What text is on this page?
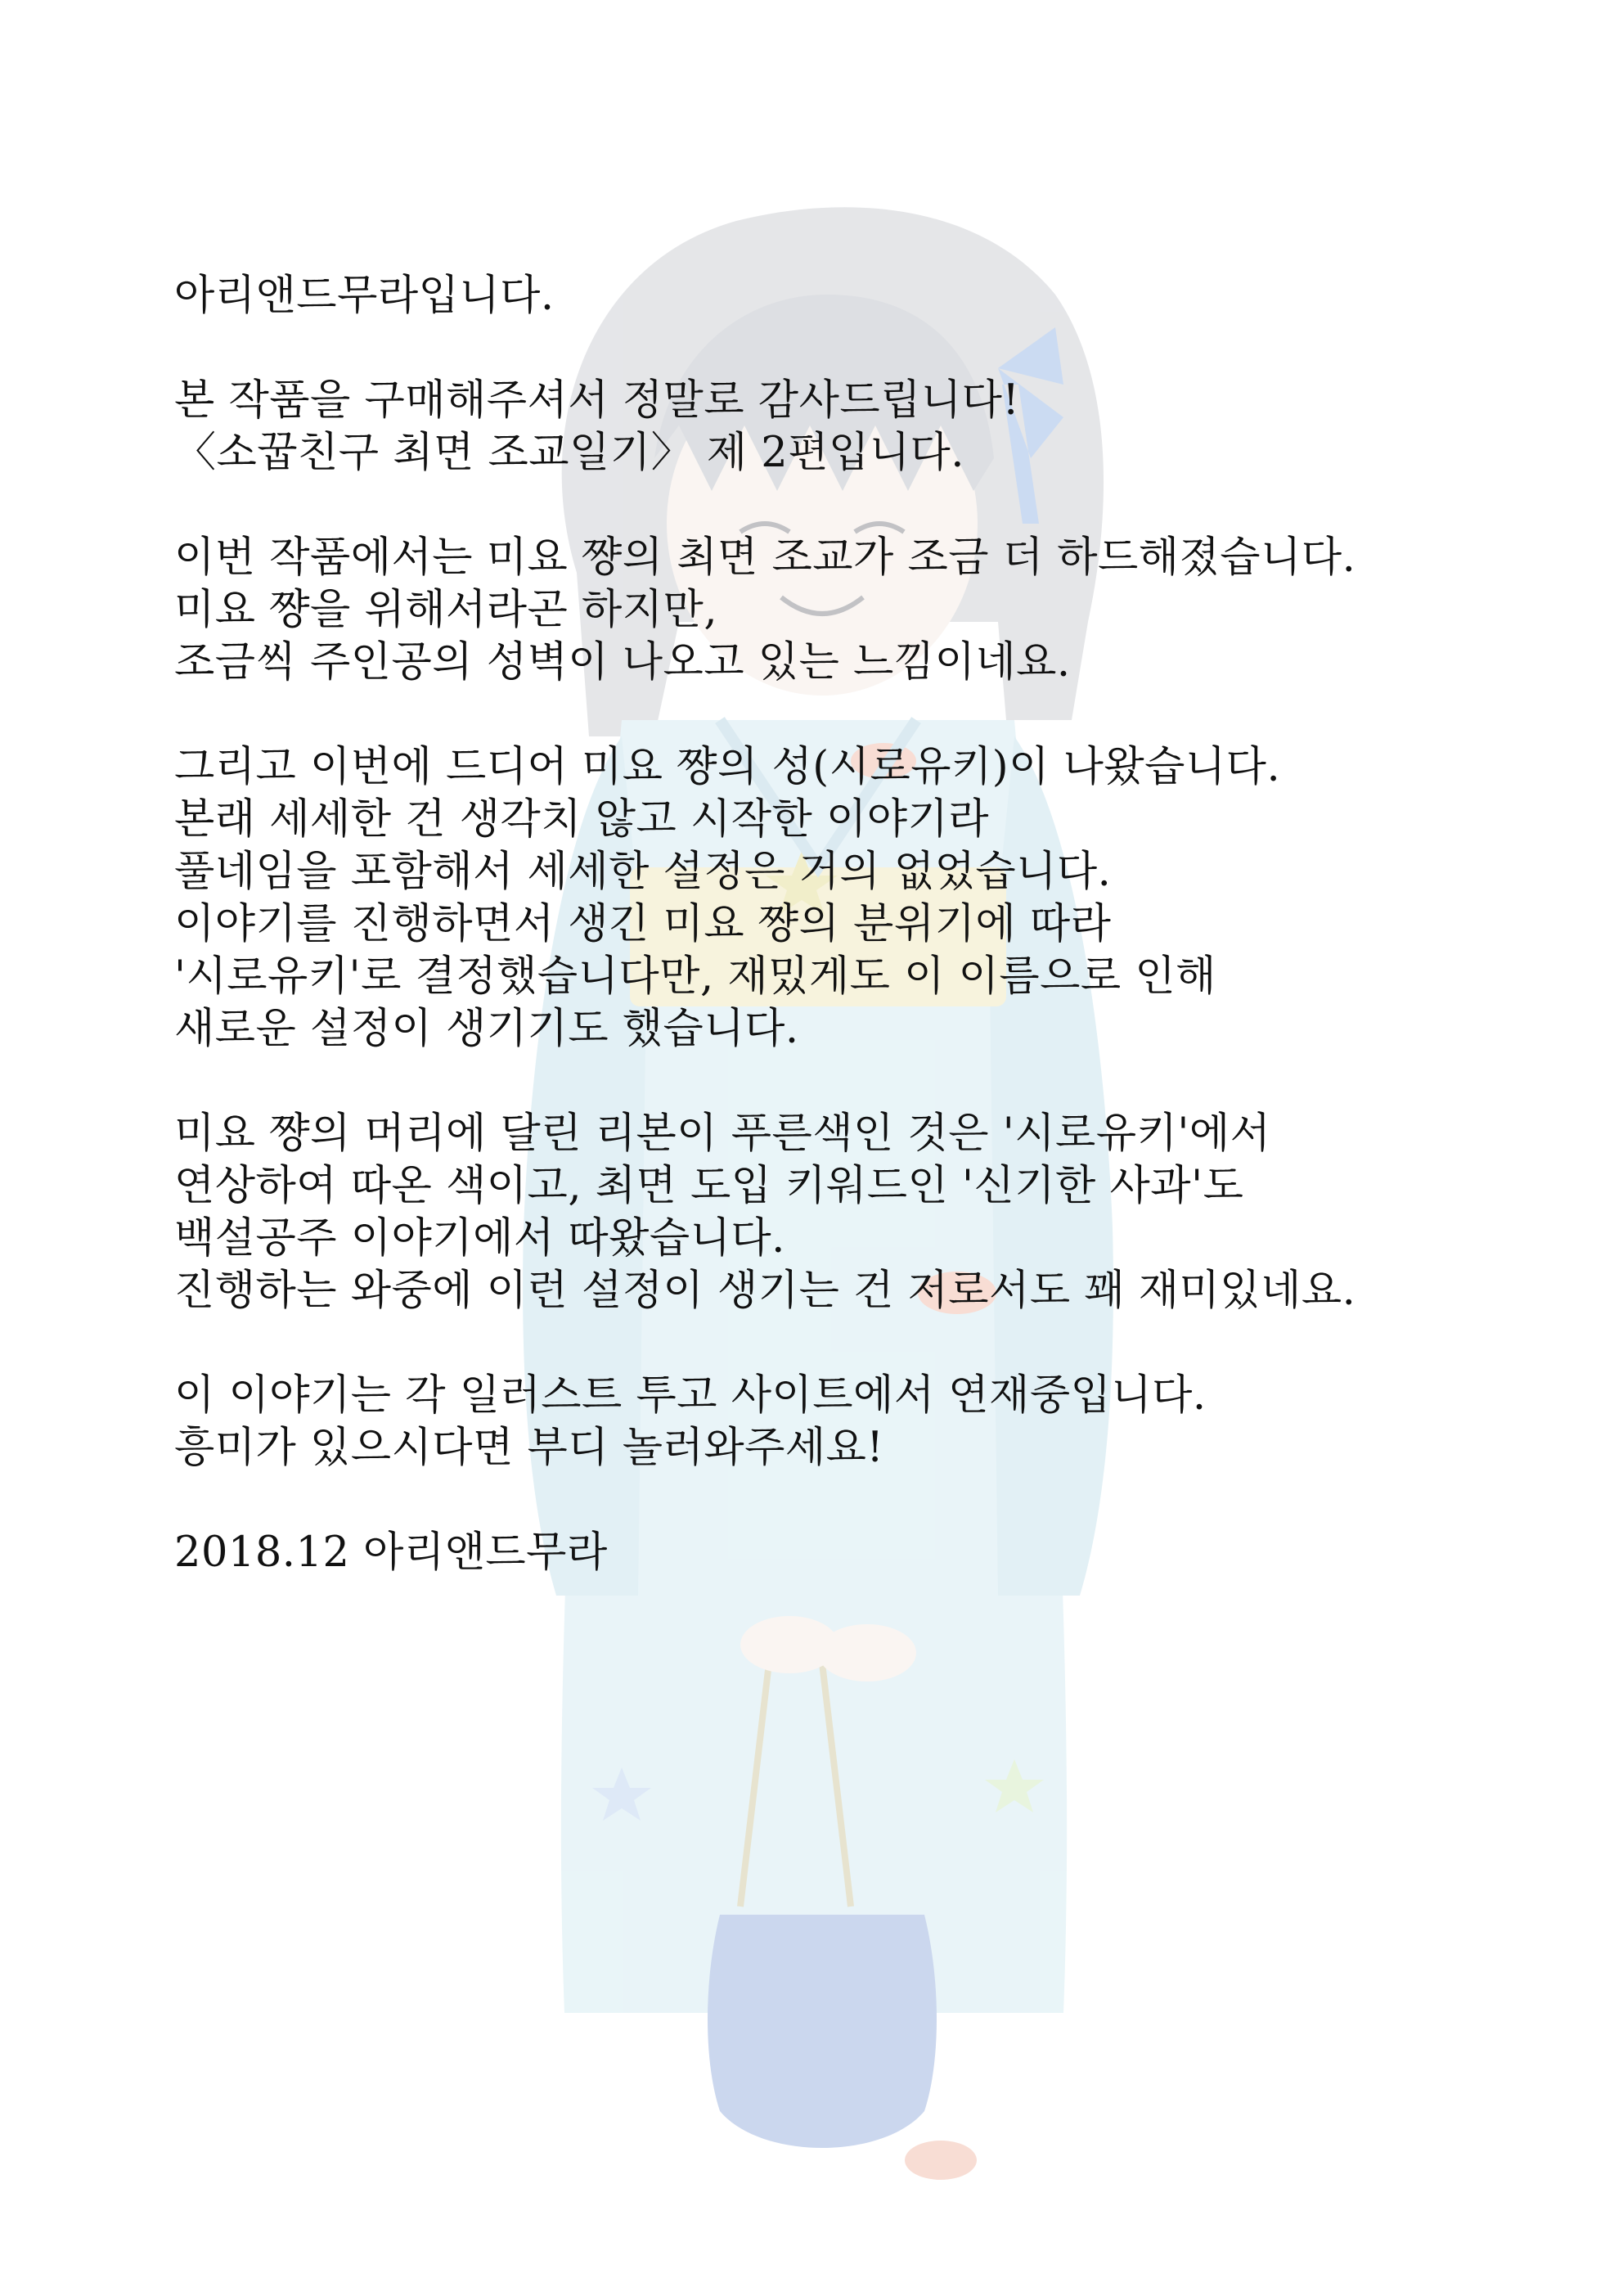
아리앤드무라입니다.
본 작품을 구매해주셔서 정말로 감사드립니다!
〈소꿉친구 최면 조교일기〉 제 2편입니다.
이번 작품에서는 미요 쨩의 최면 조교가 조금 더 하드해졌습니다.
미요 쨩을 위해서라곤 하지만,
조금씩 주인공의 성벽이 나오고 있는 느낌이네요.
그리고 이번에 드디어 미요 쨩의 성(시로유키)이 나왔습니다.
본래 세세한 건 생각치 않고 시작한 이야기라
풀네임을 포함해서 세세한 설정은 거의 없었습니다.
이야기를 진행하면서 생긴 미요 쨩의 분위기에 따라
'시로유키'로 결정했습니다만, 재밌게도 이 이름으로 인해
새로운 설정이 생기기도 했습니다.
미요 쨩의 머리에 달린 리본이 푸른색인 것은 '시로유키'에서
연상하여 따온 색이고, 최면 도입 키워드인 '신기한 사과'도
백설공주 이야기에서 따왔습니다.
진행하는 와중에 이런 설정이 생기는 건 저로서도 꽤 재미있네요.
이 이야기는 각 일러스트 투고 사이트에서 연재중입니다.
흥미가 있으시다면 부디 놀러와주세요!
2018.12 아리앤드무라
